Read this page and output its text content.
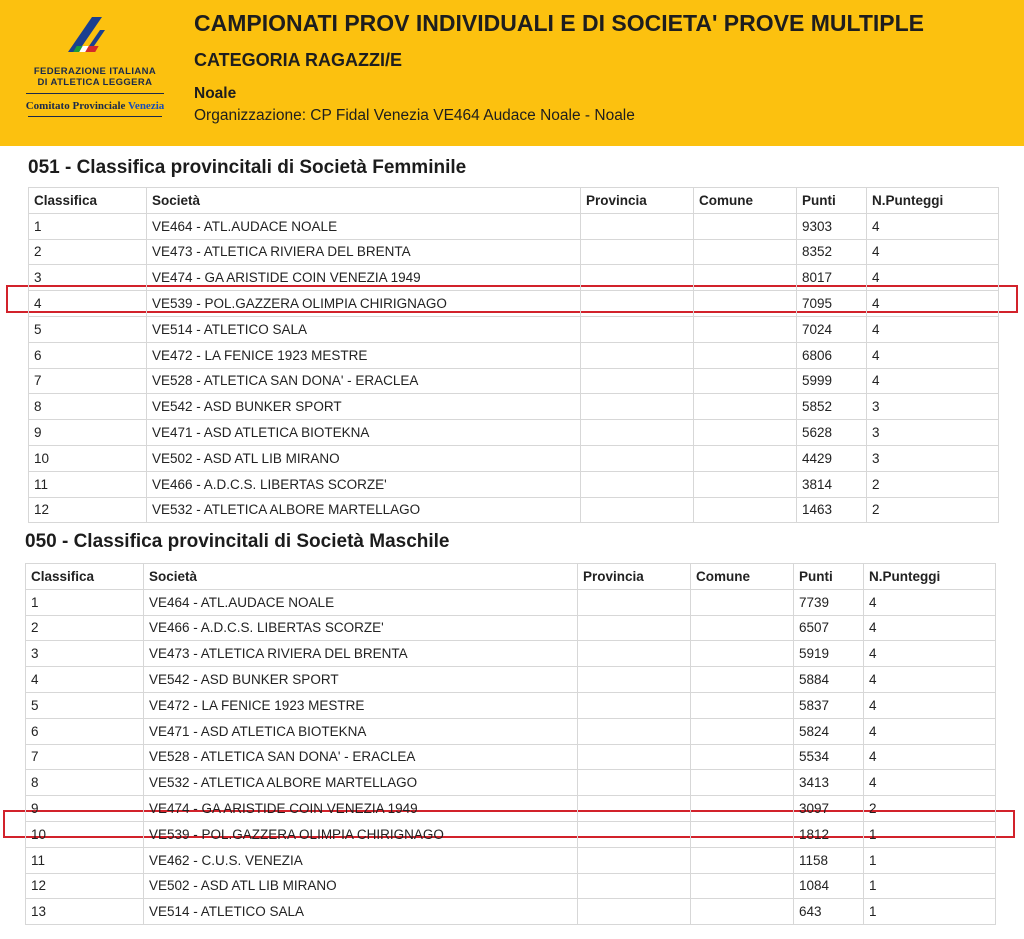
FEDERAZIONE ITALIANA
DI ATLETICA LEGGERA
Comitato Provinciale Venezia
CAMPIONATI PROV INDIVIDUALI E DI SOCIETA' PROVE MULTIPLE
CATEGORIA RAGAZZI/E
Noale
Organizzazione: CP Fidal Venezia VE464 Audace Noale - Noale
051 - Classifica provincitali di Società Femminile
Classifica	Società	Provincia	Comune	Punti	N.Punteggi
1	VE464 - ATL.AUDACE NOALE			9303	4
2	VE473 - ATLETICA RIVIERA DEL BRENTA			8352	4
3	VE474 - GA ARISTIDE COIN VENEZIA 1949			8017	4
4	VE539 - POL.GAZZERA OLIMPIA CHIRIGNAGO			7095	4
5	VE514 - ATLETICO SALA			7024	4
6	VE472 - LA FENICE 1923 MESTRE			6806	4
7	VE528 - ATLETICA SAN DONA' - ERACLEA			5999	4
8	VE542 - ASD BUNKER SPORT			5852	3
9	VE471 - ASD ATLETICA BIOTEKNA			5628	3
10	VE502 - ASD ATL LIB MIRANO			4429	3
11	VE466 - A.D.C.S. LIBERTAS SCORZE'			3814	2
12	VE532 - ATLETICA ALBORE MARTELLAGO			1463	2
050 - Classifica provincitali di Società Maschile
Classifica	Società	Provincia	Comune	Punti	N.Punteggi
1	VE464 - ATL.AUDACE NOALE			7739	4
2	VE466 - A.D.C.S. LIBERTAS SCORZE'			6507	4
3	VE473 - ATLETICA RIVIERA DEL BRENTA			5919	4
4	VE542 - ASD BUNKER SPORT			5884	4
5	VE472 - LA FENICE 1923 MESTRE			5837	4
6	VE471 - ASD ATLETICA BIOTEKNA			5824	4
7	VE528 - ATLETICA SAN DONA' - ERACLEA			5534	4
8	VE532 - ATLETICA ALBORE MARTELLAGO			3413	4
9	VE474 - GA ARISTIDE COIN VENEZIA 1949			3097	2
10	VE539 - POL.GAZZERA OLIMPIA CHIRIGNAGO			1812	1
11	VE462 - C.U.S. VENEZIA			1158	1
12	VE502 - ASD ATL LIB MIRANO			1084	1
13	VE514 - ATLETICO SALA			643	1
